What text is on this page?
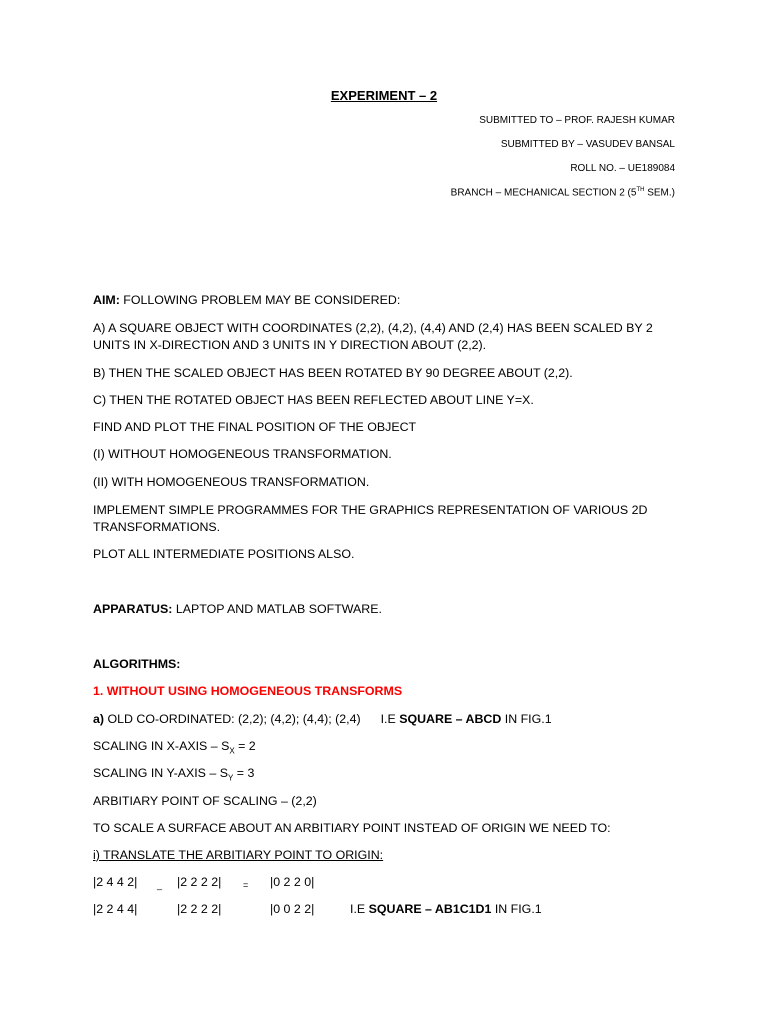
EXPERIMENT – 2
SUBMITTED TO – PROF. RAJESH KUMAR
SUBMITTED BY – VASUDEV BANSAL
ROLL NO. – UE189084
BRANCH – MECHANICAL SECTION 2 (5TH SEM.)
AIM: FOLLOWING PROBLEM MAY BE CONSIDERED:
A) A SQUARE OBJECT WITH COORDINATES (2,2), (4,2), (4,4) AND (2,4) HAS BEEN SCALED BY 2 UNITS IN X-DIRECTION AND 3 UNITS IN Y DIRECTION ABOUT (2,2).
B) THEN THE SCALED OBJECT HAS BEEN ROTATED BY 90 DEGREE ABOUT (2,2).
C) THEN THE ROTATED OBJECT HAS BEEN REFLECTED ABOUT LINE Y=X.
FIND AND PLOT THE FINAL POSITION OF THE OBJECT
(I) WITHOUT HOMOGENEOUS TRANSFORMATION.
(II) WITH HOMOGENEOUS TRANSFORMATION.
IMPLEMENT SIMPLE PROGRAMMES FOR THE GRAPHICS REPRESENTATION OF VARIOUS 2D TRANSFORMATIONS.
PLOT ALL INTERMEDIATE POSITIONS ALSO.
APPARATUS: LAPTOP AND MATLAB SOFTWARE.
ALGORITHMS:
1. WITHOUT USING HOMOGENEOUS TRANSFORMS
a) OLD CO-ORDINATED: (2,2); (4,2); (4,4); (2,4) I.E SQUARE – ABCD IN FIG.1
SCALING IN X-AXIS – $S_X = 2$
SCALING IN Y-AXIS – $S_Y = 3$
ARBITIARY POINT OF SCALING – (2,2)
TO SCALE A SURFACE ABOUT AN ARBITIARY POINT INSTEAD OF ORIGIN WE NEED TO:
i) TRANSLATE THE ARBITIARY POINT TO ORIGIN:
|2 4 4 2| _ |2 2 2 2| = |0 2 2 0|
|2 2 4 4|	|2 2 2 2|	|0 0 2 2|	I.E SQUARE – AB1C1D1 IN FIG.1
